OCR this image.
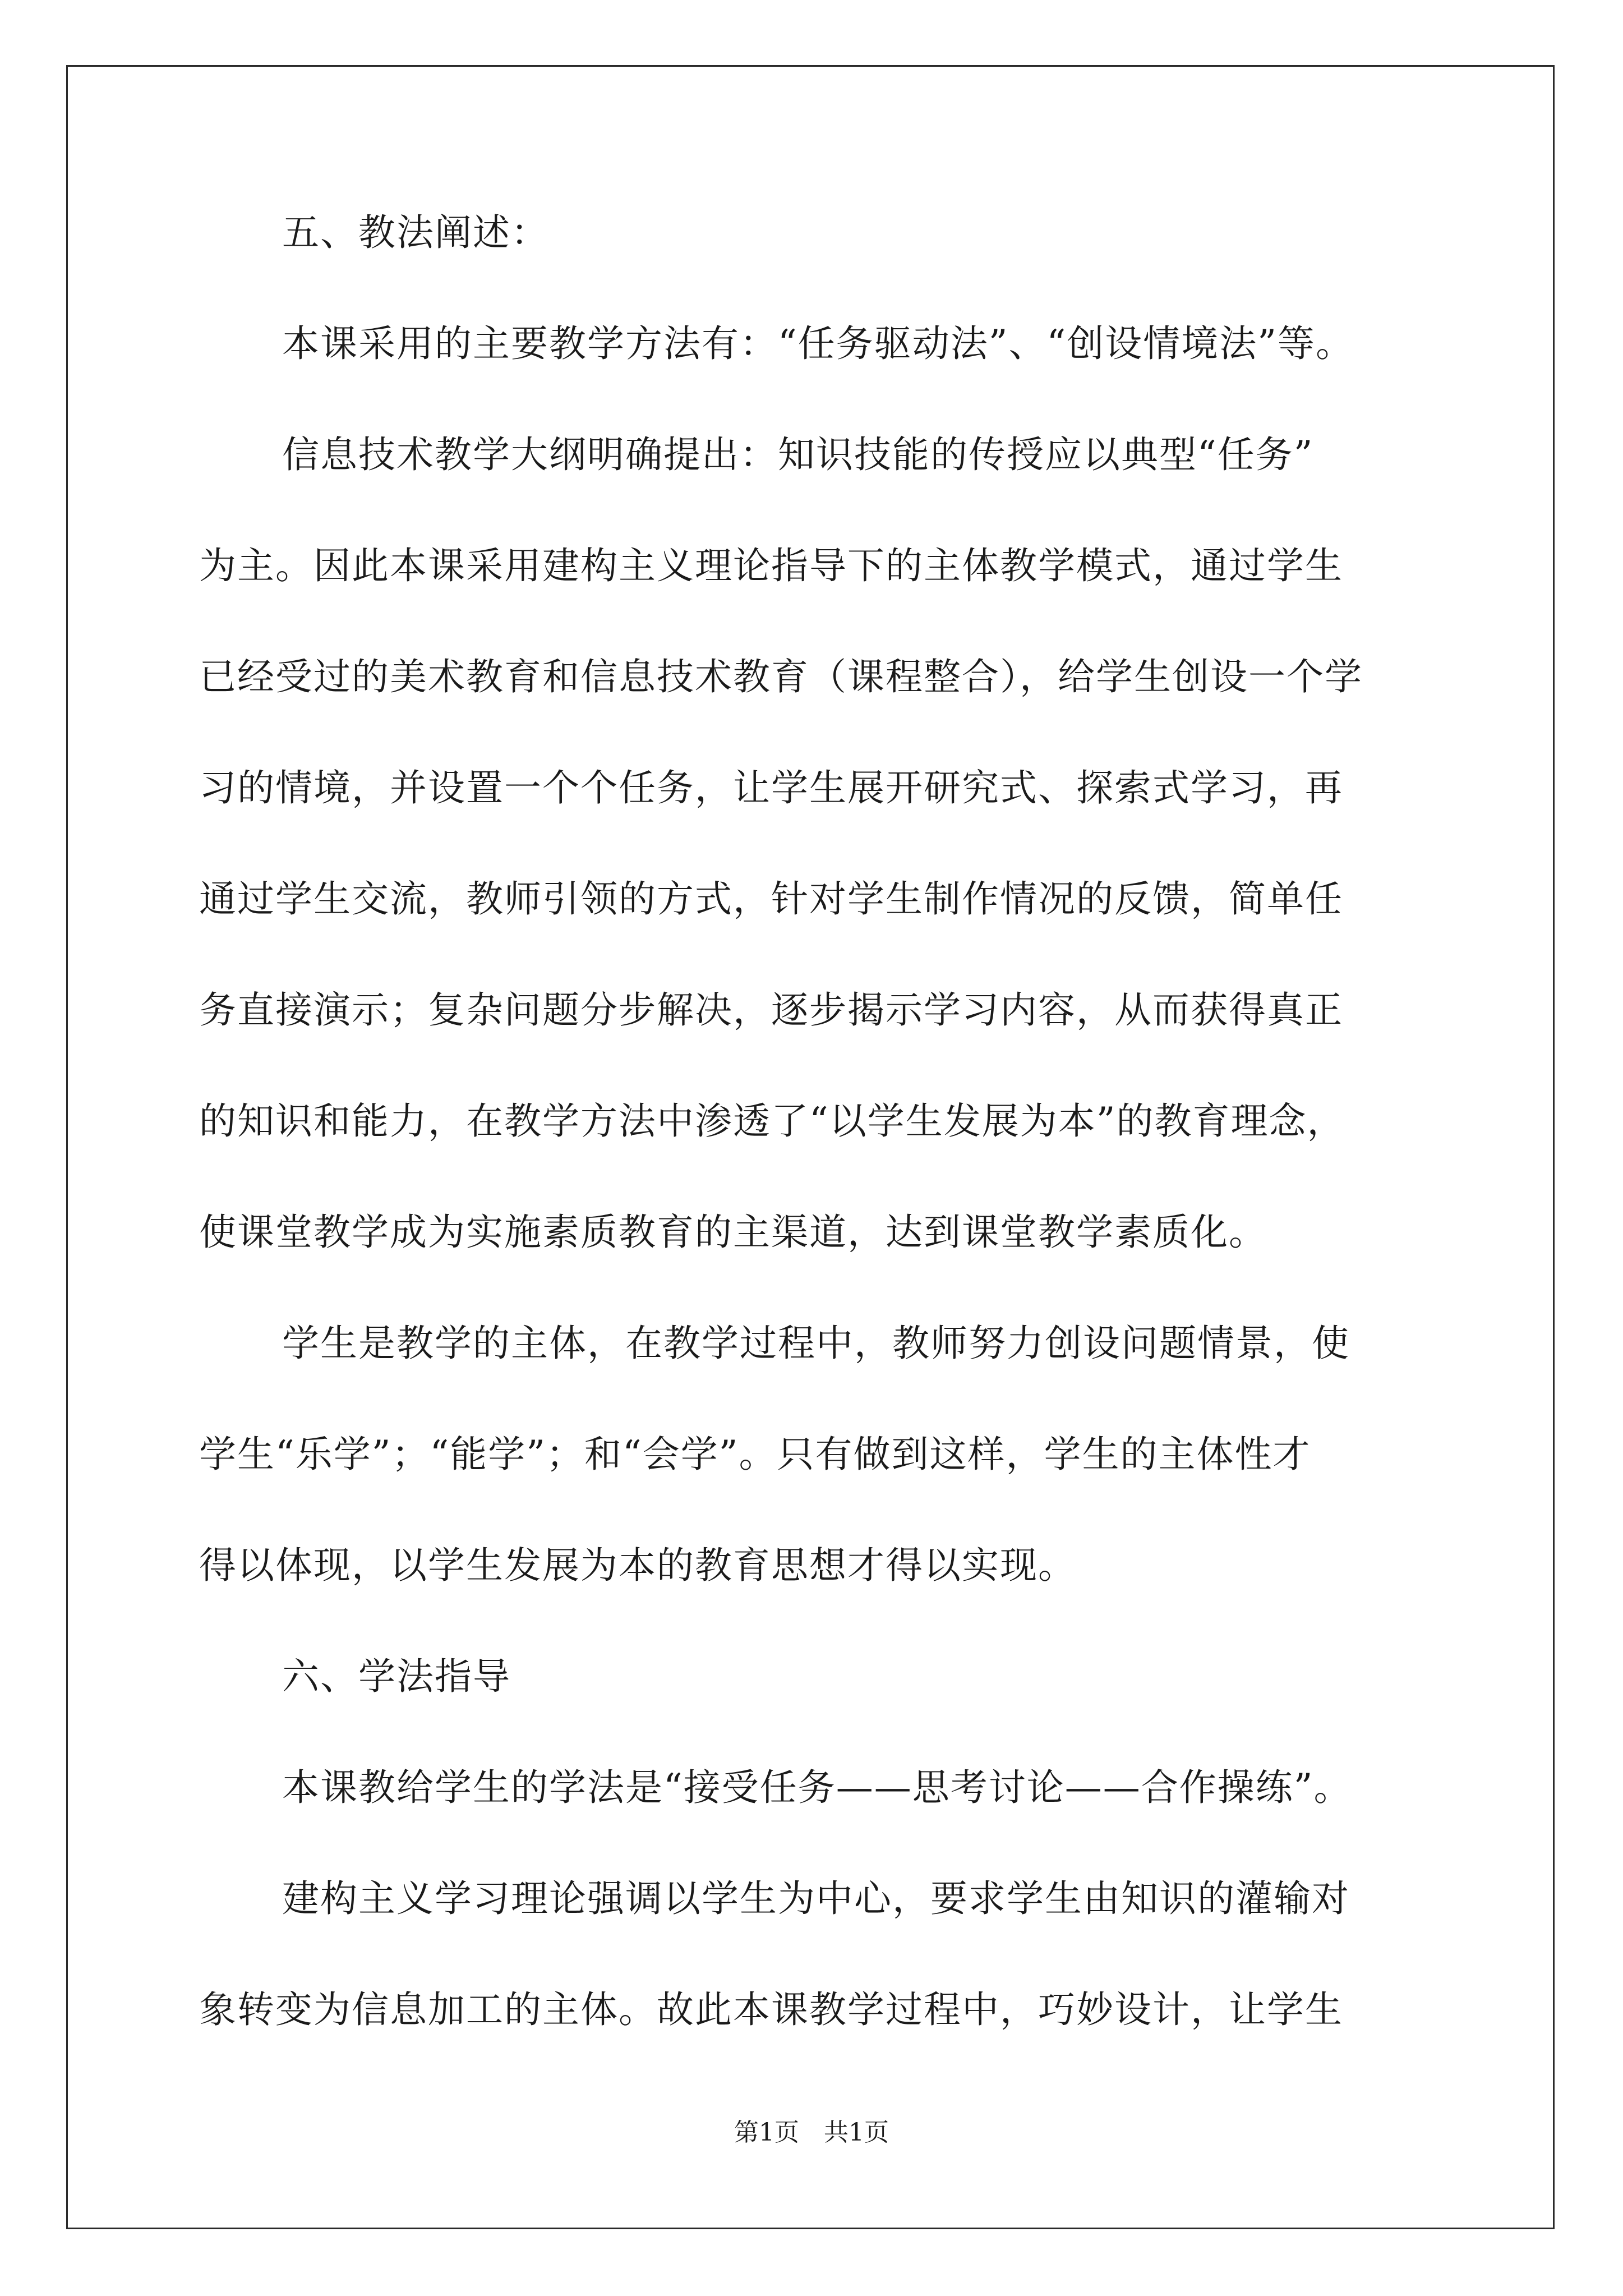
五、教法阐述：
本课采用的主要教学方法有：“任务驱动法”、“创设情境法”等。
信息技术教学大纲明确提出：知识技能的传授应以典型“任务”
为主。因此本课采用建构主义理论指导下的主体教学模式，通过学生
已经受过的美术教育和信息技术教育（课程整合），给学生创设一个学
习的情境，并设置一个个任务，让学生展开研究式、探索式学习，再
通过学生交流，教师引领的方式，针对学生制作情况的反馈，简单任
务直接演示；复杂问题分步解决，逐步揭示学习内容，从而获得真正
的知识和能力，在教学方法中渗透了“以学生发展为本”的教育理念，
使课堂教学成为实施素质教育的主渠道，达到课堂教学素质化。
学生是教学的主体，在教学过程中，教师努力创设问题情景，使
学生“乐学”；“能学”；和“会学”。只有做到这样，学生的主体性才
得以体现，以学生发展为本的教育思想才得以实现。
六、学法指导
本课教给学生的学法是“接受任务——思考讨论——合作操练”。
建构主义学习理论强调以学生为中心，要求学生由知识的灌输对
象转变为信息加工的主体。故此本课教学过程中，巧妙设计，让学生
第1页　共1页
